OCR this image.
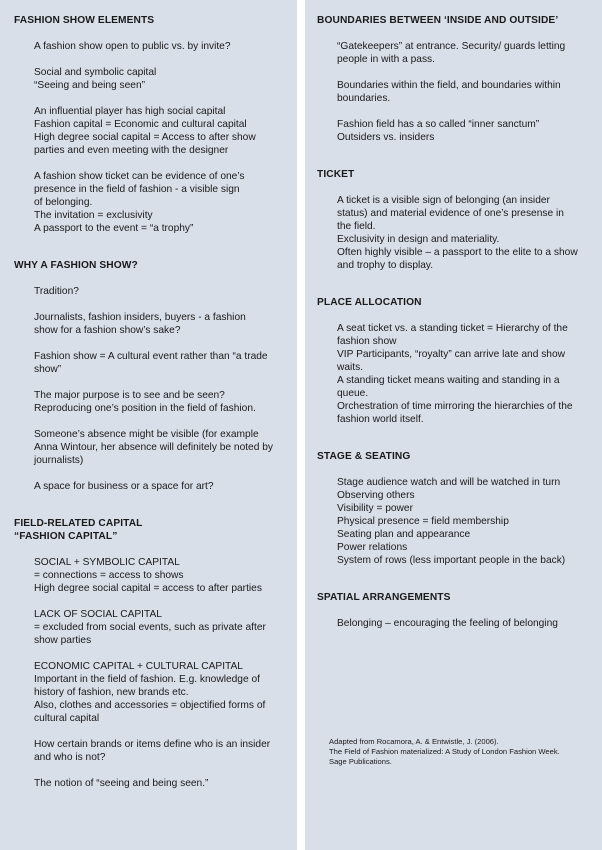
FASHION SHOW ELEMENTS
A fashion show open to public vs. by invite?
Social and symbolic capital
“Seeing and being seen”
An influential player has high social capital
Fashion capital = Economic and cultural capital
High degree social capital = Access to after show
parties and even meeting with the designer
A fashion show ticket can be evidence of one’s
presence in the field of fashion - a visible sign
of belonging.
The invitation = exclusivity
A passport to the event = “a trophy”
WHY A FASHION SHOW?
Tradition?
Journalists, fashion insiders, buyers - a fashion
show for a fashion show’s sake?
Fashion show = A cultural event rather than “a trade
show”
The major purpose is to see and be seen?
Reproducing one’s position in the field of fashion.
Someone’s absence might be visible (for example
Anna Wintour, her absence will definitely be noted by
journalists)
A space for business or a space for art?
FIELD-RELATED CAPITAL
“FASHION CAPITAL”
SOCIAL + SYMBOLIC CAPITAL
= connections = access to shows
High degree social capital = access to after parties
LACK OF SOCIAL CAPITAL
= excluded from social events, such as private after
show parties
ECONOMIC CAPITAL + CULTURAL CAPITAL
Important in the field of fashion. E.g. knowledge of
history of fashion, new brands etc.
Also, clothes and accessories = objectified forms of
cultural capital
How certain brands or items define who is an insider
and who is not?
The notion of “seeing and being seen.”
Adapted from Rocamora, A. & Entwistle, J. (2006).
The Field of Fashion materialized: A Study of London Fashion Week.
Sage Publications.
BOUNDARIES BETWEEN ‘INSIDE AND OUTSIDE’
“Gatekeepers” at entrance. Security/ guards letting
people in with a pass.
Boundaries within the field, and boundaries within
boundaries.
Fashion field has a so called “inner sanctum”
Outsiders vs. insiders
TICKET
A ticket is a visible sign of belonging (an insider
status) and material evidence of one’s presense in
the field.
Exclusivity in design and materiality.
Often highly visible – a passport to the elite to a show
and trophy to display.
PLACE ALLOCATION
A seat ticket vs. a standing ticket = Hierarchy of the
fashion show
VIP Participants, “royalty” can arrive late and show
waits.
A standing ticket means waiting and standing in a
queue.
Orchestration of time mirroring the hierarchies of the
fashion world itself.
STAGE & SEATING
Stage audience watch and will be watched in turn
Observing others
Visibility = power
Physical presence = field membership
Seating plan and appearance
Power relations
System of rows (less important people in the back)
SPATIAL ARRANGEMENTS
Belonging – encouraging the feeling of belonging
